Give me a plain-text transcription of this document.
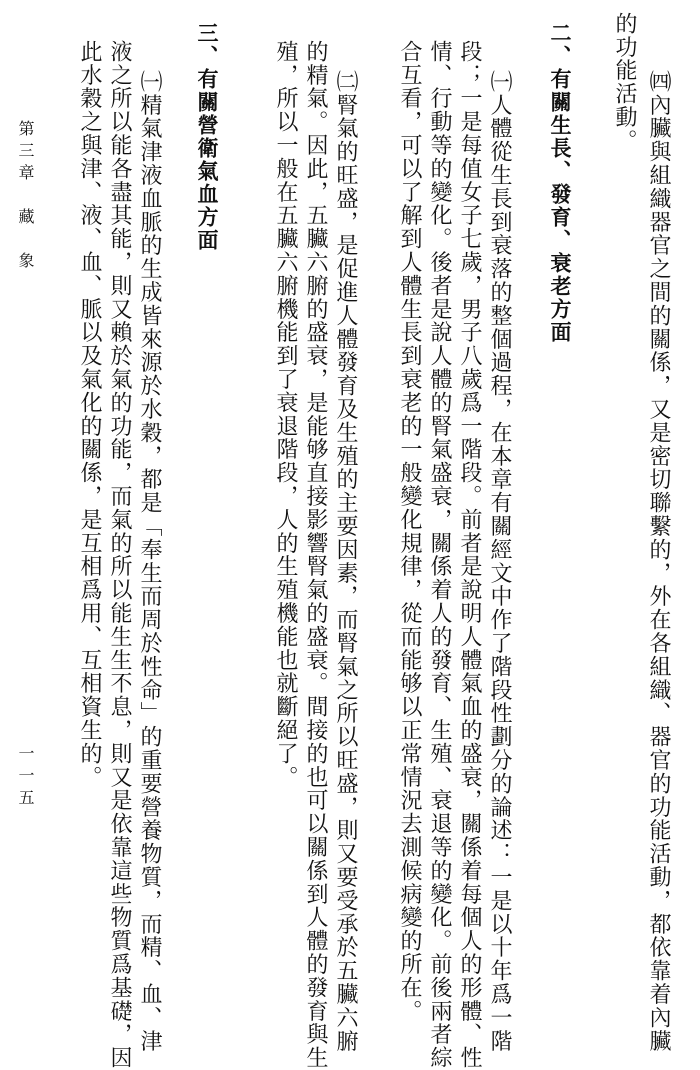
㈣內臟與組織器官之間的關係，又是密切聯繫的，外在各組織、器官的功能活動，都依靠着內臟
的功能活動。
二、有關生長、發育、衰老方面
㈠人體從生長到衰落的整個過程，在本章有關經文中作了階段性劃分的論述：一是以十年爲一階
段；一是每值女子七歲，男子八歲爲一階段。前者是說明人體氣血的盛衰，關係着每個人的形體、性
情、行動等的變化。後者是說人體的腎氣盛衰，關係着人的發育、生殖、衰退等的變化。前後兩者綜
合互看，可以了解到人體生長到衰老的一般變化規律，從而能够以正常情況去測候病變的所在。
㈡腎氣的旺盛，是促進人體發育及生殖的主要因素，而腎氣之所以旺盛，則又要受承於五臟六腑
的精氣。因此，五臟六腑的盛衰，是能够直接影響腎氣的盛衰。間接的也可以關係到人體的發育與生
殖，所以一般在五臟六腑機能到了衰退階段，人的生殖機能也就斷絕了。
三、有關營衛氣血方面
㈠精氣津液血脈的生成皆來源於水穀，都是「奉生而周於性命」的重要營養物質，而精、血、津
液之所以能各盡其能，則又賴於氣的功能，而氣的所以能生生不息，則又是依靠這些物質爲基礎，因
此水穀之與津、液、血、脈以及氣化的關係，是互相爲用、互相資生的。
第三章　藏　象
一一五
